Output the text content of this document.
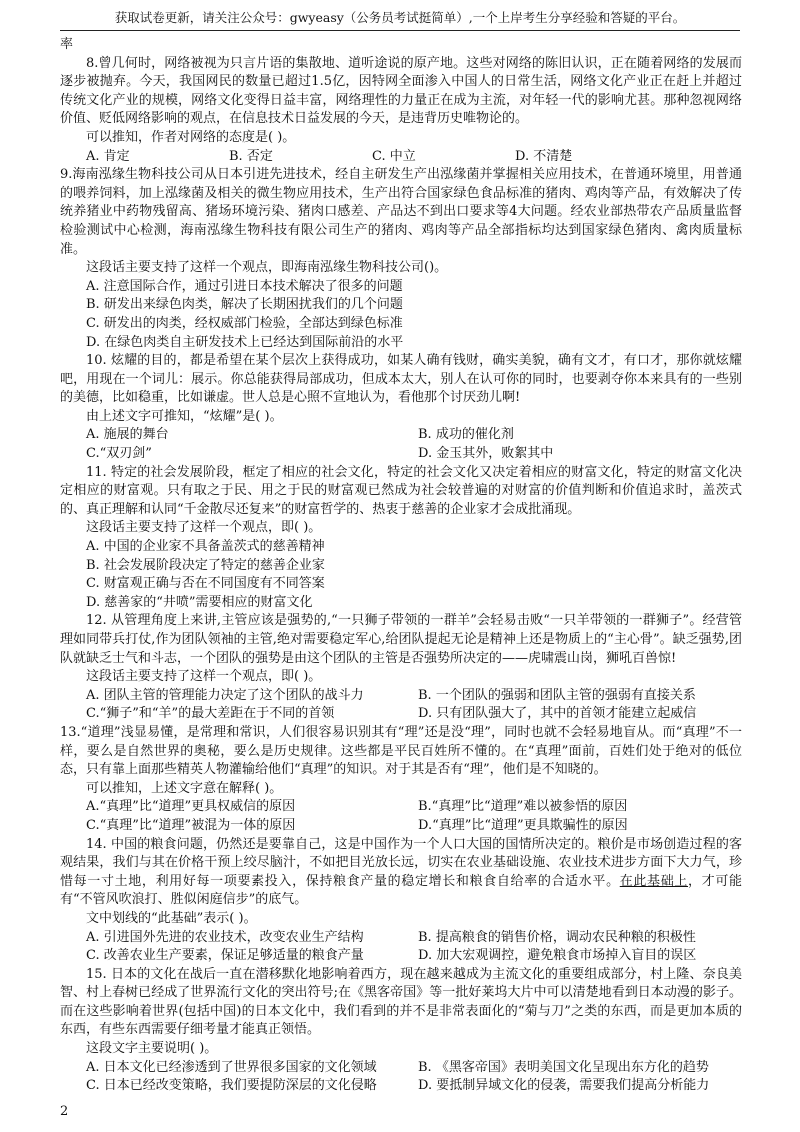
获取试卷更新，请关注公众号：gwyeasy（公务员考试挺简单）,一个上岸考生分享经验和答疑的平台。

率

8.曾几何时，网络被视为只言片语的集散地、道听途说的原产地。这些对网络的陈旧认识，正在随着网络的发展而逐步被抛弃。今天，我国网民的数量已超过1.5亿，因特网全面渗入中国人的日常生活，网络文化产业正在赶上并超过传统文化产业的规模，网络文化变得日益丰富，网络理性的力量正在成为主流，对年轻一代的影响尤甚。那种忽视网络价值、贬低网络影响的观点，在信息技术日益发展的今天，是违背历史唯物论的。

可以推知，作者对网络的态度是( )。

A. 肯定	B. 否定	C. 中立	D. 不清楚

9.海南泓缘生物科技公司从日本引进先进技术，经自主研发生产出泓缘菌并掌握相关应用技术，在普通环境里，用普通的喂养饲料，加上泓缘菌及相关的微生物应用技术，生产出符合国家绿色食品标准的猪肉、鸡肉等产品，有效解决了传统养猪业中药物残留高、猪场环境污染、猪肉口感差、产品达不到出口要求等4大问题。经农业部热带农产品质量监督检验测试中心检测，海南泓缘生物科技有限公司生产的猪肉、鸡肉等产品全部指标均达到国家绿色猪肉、禽肉质量标准。

这段话主要支持了这样一个观点，即海南泓缘生物科技公司()。

A. 注意国际合作，通过引进日本技术解决了很多的问题

B. 研发出来绿色肉类，解决了长期困扰我们的几个问题

C. 研发出的肉类，经权威部门检验，全部达到绿色标准

D. 在绿色肉类自主研发技术上已经达到国际前沿的水平

10. 炫耀的目的，都是希望在某个层次上获得成功，如某人确有钱财，确实美貌，确有文才，有口才，那你就炫耀吧，用现在一个词儿：展示。你总能获得局部成功，但成本太大，别人在认可你的同时，也要剥夺你本来具有的一些别的美德，比如稳重，比如谦虚。世人总是心照不宣地认为，看他那个讨厌劲儿啊!

由上述文字可推知，“炫耀”是( )。

A. 施展的舞台	B. 成功的催化剂
C.“双刃剑”	D. 金玉其外，败絮其中

11. 特定的社会发展阶段，框定了相应的社会文化，特定的社会文化又决定着相应的财富文化，特定的财富文化决定相应的财富观。只有取之于民、用之于民的财富观已然成为社会较普遍的对财富的价值判断和价值追求时，盖茨式的、真正理解和认同“千金散尽还复来”的财富哲学的、热衷于慈善的企业家才会成批涌现。

这段话主要支持了这样一个观点，即( )。

A. 中国的企业家不具备盖茨式的慈善精神

B. 社会发展阶段决定了特定的慈善企业家

C. 财富观正确与否在不同国度有不同答案

D. 慈善家的“井喷”需要相应的财富文化

12. 从管理角度上来讲,主管应该是强势的,“一只狮子带领的一群羊”会轻易击败“一只羊带领的一群狮子”。经营管理如同带兵打仗,作为团队领袖的主管,绝对需要稳定军心,给团队提起无论是精神上还是物质上的“主心骨”。缺乏强势,团队就缺乏士气和斗志，一个团队的强势是由这个团队的主管是否强势所决定的——虎啸震山岗，狮吼百兽惊!

这段话主要支持了这样一个观点，即( )。

A. 团队主管的管理能力决定了这个团队的战斗力	B. 一个团队的强弱和团队主管的强弱有直接关系
C.“狮子”和“羊”的最大差距在于不同的首领	D. 只有团队强大了，其中的首领才能建立起威信

13.“道理”浅显易懂，是常理和常识，人们很容易识别其有“理”还是没“理”，同时也就不会轻易地盲从。而“真理”不一样，要么是自然世界的奥秘，要么是历史规律。这些都是平民百姓所不懂的。在“真理”面前，百姓们处于绝对的低位态，只有靠上面那些精英人物灌输给他们“真理”的知识。对于其是否有“理”，他们是不知晓的。

可以推知，上述文字意在解释( )。

A.“真理”比“道理”更具权威信的原因	B.“真理”比“道理”难以被参悟的原因
C.“真理”比“道理”被混为一体的原因	D.“真理”比“道理”更具欺骗性的原因

14. 中国的粮食问题，仍然还是要靠自己，这是中国作为一个人口大国的国情所决定的。粮价是市场创造过程的客观结果，我们与其在价格干预上绞尽脑汁，不如把目光放长远，切实在农业基础设施、农业技术进步方面下大力气，珍惜每一寸土地，利用好每一项要素投入，保持粮食产量的稳定增长和粮食自给率的合适水平。在此基础上，才可能有“不管风吹浪打、胜似闲庭信步”的底气。

文中划线的“此基础”表示( )。

A. 引进国外先进的农业技术，改变农业生产结构	B. 提高粮食的销售价格，调动农民种粮的积极性
C. 改善农业生产要素，保证足够适量的粮食产量	D. 加大宏观调控，避免粮食市场掉入盲目的误区

15. 日本的文化在战后一直在潜移默化地影响着西方，现在越来越成为主流文化的重要组成部分，村上隆、奈良美智、村上春树已经成了世界流行文化的突出符号;在《黑客帝国》等一批好莱坞大片中可以清楚地看到日本动漫的影子。而在这些影响着世界(包括中国)的日本文化中，我们看到的并不是非常表面化的“菊与刀”之类的东西，而是更加本质的东西，有些东西需要仔细考量才能真正领悟。

这段文字主要说明( )。

A. 日本文化已经渗透到了世界很多国家的文化领域	B. 《黑客帝国》表明美国文化呈现出东方化的趋势
C. 日本已经改变策略，我们要提防深层的文化侵略	D. 要抵制异域文化的侵袭，需要我们提高分析能力
2
